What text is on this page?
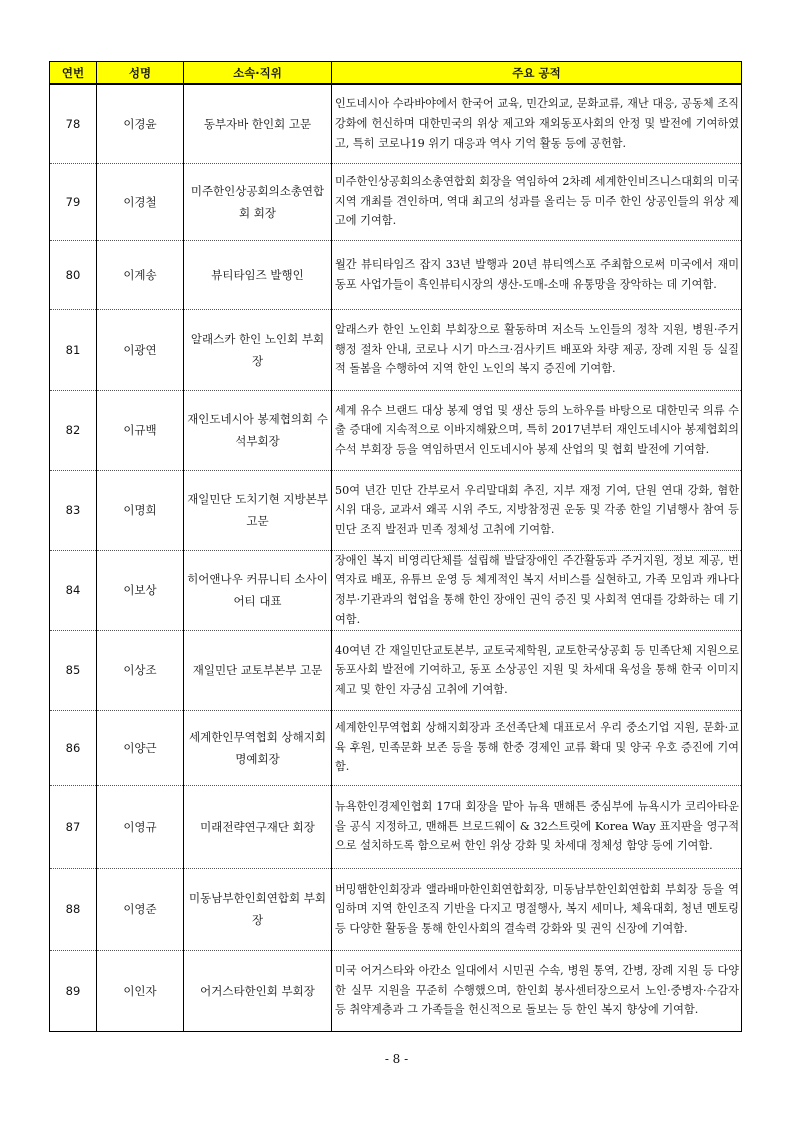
연번	성명	소속·직위	주요 공적
78	이경윤	동부자바 한인회 고문	인도네시아 수라바야에서 한국어 교육, 민간외교, 문화교류, 재난 대응, 공동체 조직 강화에 헌신하며 대한민국의 위상 제고와 재외동포사회의 안정 및 발전에 기여하였고, 특히 코로나19 위기 대응과 역사 기억 활동 등에 공헌함.
79	이경철	미주한인상공회의소총연합회 회장	미주한인상공회의소총연합회 회장을 역임하여 2차례 세계한인비즈니스대회의 미국 지역 개최를 견인하며, 역대 최고의 성과를 올리는 등 미주 한인 상공인들의 위상 제고에 기여함.
80	이계송	뷰티타임즈 발행인	월간 뷰티타임즈 잡지 33년 발행과 20년 뷰티엑스포 주최함으로써 미국에서 재미동포 사업가들이 흑인뷰티시장의 생산-도매-소매 유통망을 장악하는 데 기여함.
81	이광연	알래스카 한인 노인회 부회장	알래스카 한인 노인회 부회장으로 활동하며 저소득 노인들의 정착 지원, 병원·주거 행정 절차 안내, 코로나 시기 마스크·검사키트 배포와 차량 제공, 장례 지원 등 실질적 돌봄을 수행하여 지역 한인 노인의 복지 증진에 기여함.
82	이규백	재인도네시아 봉제협의회 수석부회장	세계 유수 브랜드 대상 봉제 영업 및 생산 등의 노하우를 바탕으로 대한민국 의류 수출 증대에 지속적으로 이바지해왔으며, 특히 2017년부터 재인도네시아 봉제협회의 수석 부회장 등을 역임하면서 인도네시아 봉제 산업의 및 협회 발전에 기여함.
83	이명희	재일민단 도치기현 지방본부 고문	50여 년간 민단 간부로서 우리말대회 추진, 지부 재정 기여, 단원 연대 강화, 혐한 시위 대응, 교과서 왜곡 시위 주도, 지방참정권 운동 및 각종 한일 기념행사 참여 등 민단 조직 발전과 민족 정체성 고취에 기여함.
84	이보상	히어앤나우 커뮤니티 소사이어티 대표	장애인 복지 비영리단체를 설립해 발달장애인 주간활동과 주거지원, 정보 제공, 번역자료 배포, 유튜브 운영 등 체계적인 복지 서비스를 실현하고, 가족 모임과 캐나다 정부·기관과의 협업을 통해 한인 장애인 권익 증진 및 사회적 연대를 강화하는 데 기여함.
85	이상조	재일민단 교토부본부 고문	40여년 간 재일민단교토본부, 교토국제학원, 교토한국상공회 등 민족단체 지원으로 동포사회 발전에 기여하고, 동포 소상공인 지원 및 차세대 육성을 통해 한국 이미지 제고 및 한인 자긍심 고취에 기여함.
86	이양근	세계한인무역협회 상해지회 명예회장	세계한인무역협회 상해지회장과 조선족단체 대표로서 우리 중소기업 지원, 문화·교육 후원, 민족문화 보존 등을 통해 한중 경제인 교류 확대 및 양국 우호 증진에 기여함.
87	이영규	미래전략연구재단 회장	뉴욕한인경제인협회 17대 회장을 맡아 뉴욕 맨해튼 중심부에 뉴욕시가 코리아타운을 공식 지정하고, 맨해튼 브로드웨이 & 32스트릿에 Korea Way 표지판을 영구적으로 설치하도록 함으로써 한인 위상 강화 및 차세대 정체성 함양 등에 기여함.
88	이영준	미동남부한인회연합회 부회장	버밍햄한인회장과 앨라배마한인회연합회장, 미동남부한인회연합회 부회장 등을 역임하며 지역 한인조직 기반을 다지고 명절행사, 복지 세미나, 체육대회, 청년 멘토링 등 다양한 활동을 통해 한인사회의 결속력 강화와 및 권익 신장에 기여함.
89	이인자	어거스타한인회 부회장	미국 어거스타와 아칸소 일대에서 시민권 수속, 병원 통역, 간병, 장례 지원 등 다양한 실무 지원을 꾸준히 수행했으며, 한인회 봉사센터장으로서 노인·중병자·수감자 등 취약계층과 그 가족들을 헌신적으로 돌보는 등 한인 복지 향상에 기여함.
- 8 -
